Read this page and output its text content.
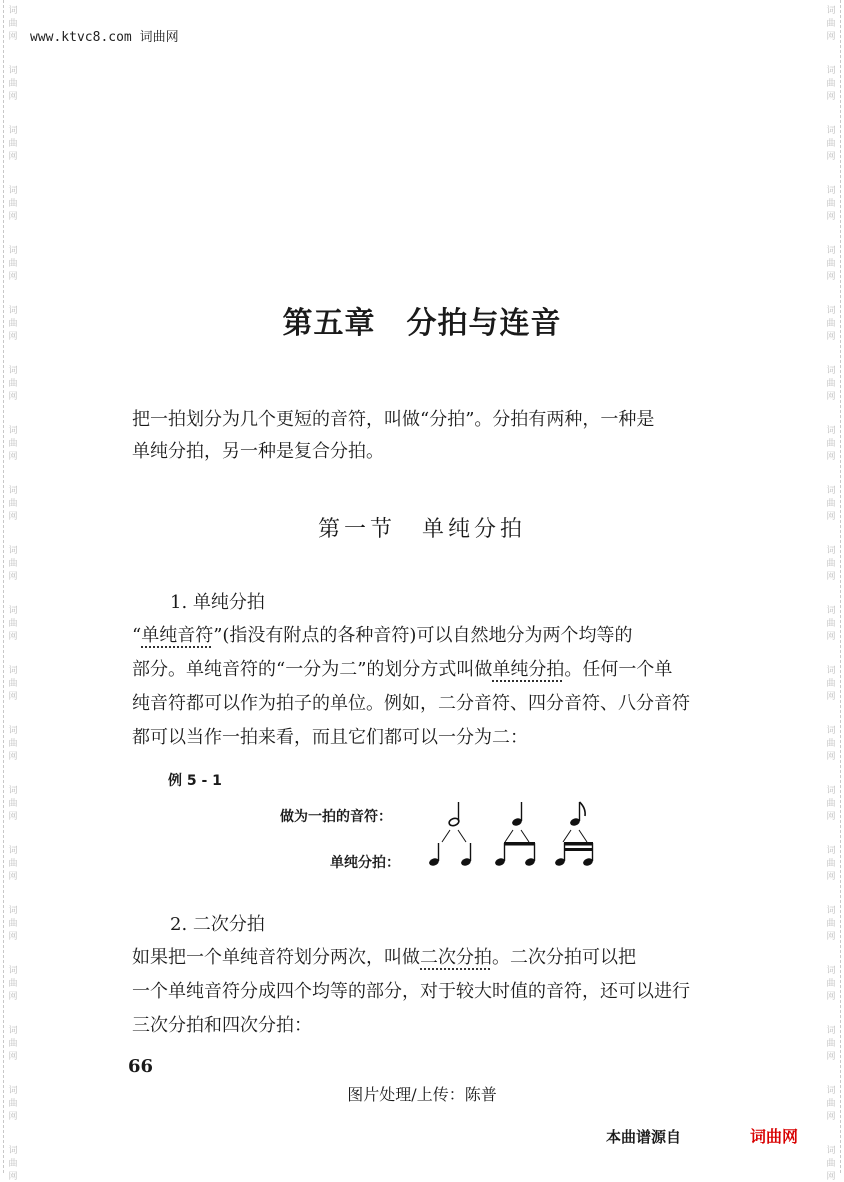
词
曲
网
词
曲
网
词
曲
网
词
曲
网
词
曲
网
词
曲
网
词
曲
网
词
曲
网
词
曲
网
词
曲
网
词
曲
网
词
曲
网
词
曲
网
词
曲
网
词
曲
网
词
曲
网
词
曲
网
词
曲
网
词
曲
网
词
曲
网
词
曲
网
词
曲
网
词
曲
网
词
曲
网
词
曲
网
词
曲
网
词
曲
网
词
曲
网
词
曲
网
词
曲
网
词
曲
网
词
曲
网
词
曲
网
词
曲
网
词
曲
网
词
曲
网
词
曲
网
词
曲
网
词
曲
网
词
曲
网
www.ktvc8.com 词曲网
第五章　分拍与连音

把一拍划分为几个更短的音符，叫做“分拍”。分拍有两种，一种是

单纯分拍，另一种是复合分拍。

第一节　单纯分拍
1. 单纯分拍

“单纯音符”(指没有附点的各种音符)可以自然地分为两个均等的

部分。单纯音符的“一分为二”的划分方式叫做单纯分拍。任何一个单

纯音符都可以作为拍子的单位。例如，二分音符、四分音符、八分音符

都可以当作一拍来看，而且它们都可以一分为二：

例 5 - 1
做为一拍的音符：
单纯分拍：
2. 二次分拍

如果把一个单纯音符划分两次，叫做二次分拍。二次分拍可以把

一个单纯音符分成四个均等的部分，对于较大时值的音符，还可以进行

三次分拍和四次分拍：

66
图片处理/上传：陈普
本曲谱源自	词曲网
